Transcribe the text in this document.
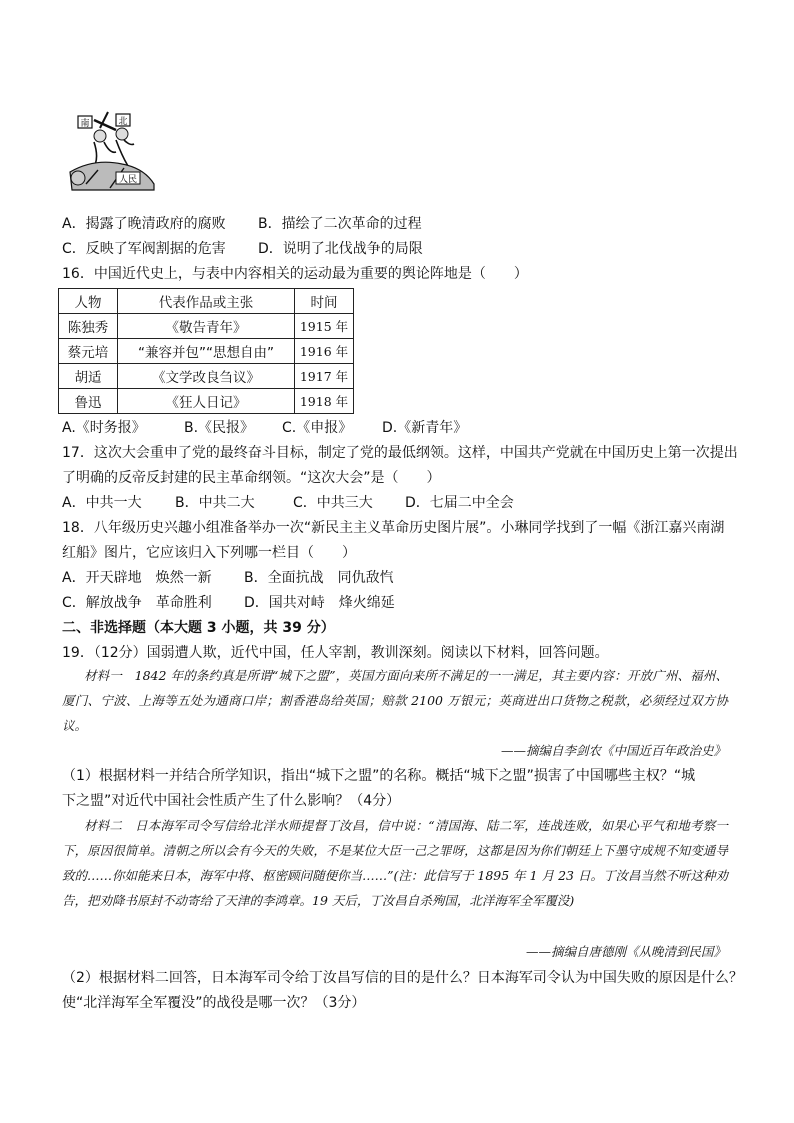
南	北
人民
A．揭露了晚清政府的腐败 B．描绘了二次革命的过程
C．反映了军阀割据的危害 D．说明了北伐战争的局限
16．中国近代史上，与表中内容相关的运动最为重要的舆论阵地是（　　）
人物	代表作品或主张	时间
陈独秀	《敬告青年》	1915 年
蔡元培	“兼容并包”“思想自由”	1916 年
胡适	《文学改良刍议》	1917 年
鲁迅	《狂人日记》	1918 年
A.《时务报》	B.《民报》 C.《申报》 D.《新青年》
17．这次大会重申了党的最终奋斗目标，制定了党的最低纲领。这样，中国共产党就在中国历史上第一次提出
了明确的反帝反封建的民主革命纲领。“这次大会”是（　　）
A．中共一大 B．中共二大	C．中共三大 D．七届二中全会
18．八年级历史兴趣小组准备举办一次“新民主主义革命历史图片展”。小琳同学找到了一幅《浙江嘉兴南湖
红船》图片，它应该归入下列哪一栏目（　　）
A．开天辟地　焕然一新 B．全面抗战　同仇敌忾
C．解放战争　革命胜利 D．国共对峙　烽火绵延
二、非选择题（本大题 3 小题，共 39 分）
19．（12分）国弱遭人欺，近代中国，任人宰割，教训深刻。阅读以下材料，回答问题。
材料一　1842 年的条约真是所谓“城下之盟”，英国方面向来所不满足的一一满足，其主要内容：开放广州、福州、厦门、宁波、上海等五处为通商口岸；割香港岛给英国；赔款 2100 万银元；英商进出口货物之税款，必须经过双方协议。
——摘编自李剑农《中国近百年政治史》
（1）根据材料一并结合所学知识，指出“城下之盟”的名称。概括“城下之盟”损害了中国哪些主权？“城
下之盟”对近代中国社会性质产生了什么影响？（4分）
材料二　日本海军司令写信给北洋水师提督丁汝昌，信中说：“清国海、陆二军，连战连败，如果心平气和地考察一下，原因很简单。清朝之所以会有今天的失败，不是某位大臣一己之罪呀，这都是因为你们朝廷上下墨守成规不知变通导致的……你如能来日本，海军中将、枢密顾问随便你当……”(注：此信写于 1895 年 1 月 23 日。丁汝昌当然不听这种劝告，把劝降书原封不动寄给了天津的李鸿章。19 天后，丁汝昌自杀殉国，北洋海军全军覆没)
——摘编自唐德刚《从晚清到民国》
（2）根据材料二回答，日本海军司令给丁汝昌写信的目的是什么？日本海军司令认为中国失败的原因是什么？
使“北洋海军全军覆没”的战役是哪一次？（3分）
